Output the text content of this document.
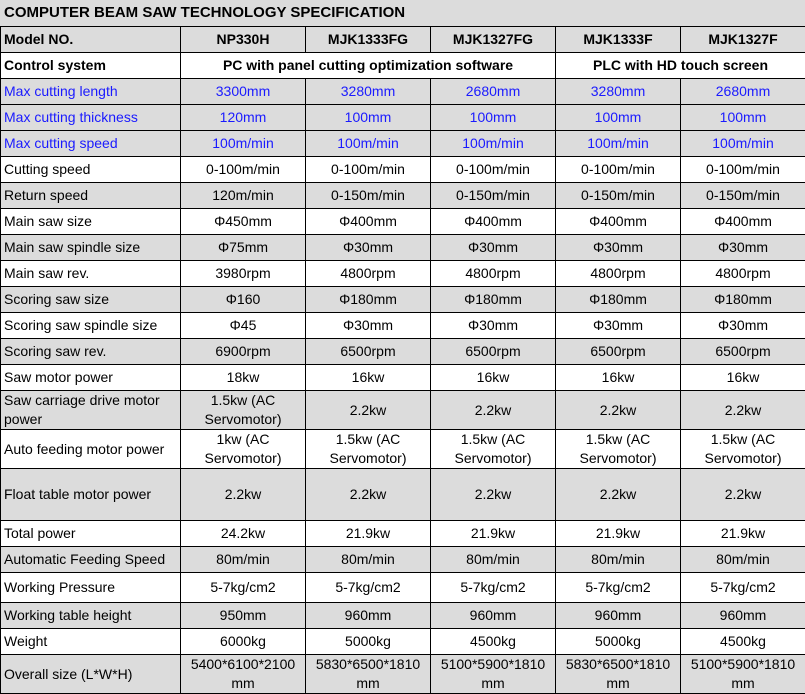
COMPUTER BEAM SAW TECHNOLOGY SPECIFICATION
Model NO.	NP330H	MJK1333FG	MJK1327FG	MJK1333F	MJK1327F
Control system	PC with panel cutting optimization software			PLC with HD touch screen	
Max cutting length	3300mm	3280mm	2680mm	3280mm	2680mm
Max cutting thickness	120mm	100mm	100mm	100mm	100mm
Max cutting speed	100m/min	100m/min	100m/min	100m/min	100m/min
Cutting speed	0-100m/min	0-100m/min	0-100m/min	0-100m/min	0-100m/min
Return speed	120m/min	0-150m/min	0-150m/min	0-150m/min	0-150m/min
Main saw size	Φ450mm	Φ400mm	Φ400mm	Φ400mm	Φ400mm
Main saw spindle size	Φ75mm	Φ30mm	Φ30mm	Φ30mm	Φ30mm
Main saw rev.	3980rpm	4800rpm	4800rpm	4800rpm	4800rpm
Scoring saw size	Φ160	Φ180mm	Φ180mm	Φ180mm	Φ180mm
Scoring saw spindle size	Φ45	Φ30mm	Φ30mm	Φ30mm	Φ30mm
Scoring saw rev.	6900rpm	6500rpm	6500rpm	6500rpm	6500rpm
Saw motor power	18kw	16kw	16kw	16kw	16kw
Saw carriage drive motor power	1.5kw (AC Servomotor)	2.2kw	2.2kw	2.2kw	2.2kw
Auto feeding motor power	1kw (AC Servomotor)	1.5kw (AC Servomotor)	1.5kw (AC Servomotor)	1.5kw (AC Servomotor)	1.5kw (AC Servomotor)
Float table motor power	2.2kw	2.2kw	2.2kw	2.2kw	2.2kw
Total power	24.2kw	21.9kw	21.9kw	21.9kw	21.9kw
Automatic Feeding Speed	80m/min	80m/min	80m/min	80m/min	80m/min
Working Pressure	5-7kg/cm2	5-7kg/cm2	5-7kg/cm2	5-7kg/cm2	5-7kg/cm2
Working table height	950mm	960mm	960mm	960mm	960mm
Weight	6000kg	5000kg	4500kg	5000kg	4500kg
Overall size (L*W*H)	5400*6100*2100 mm	5830*6500*1810 mm	5100*5900*1810 mm	5830*6500*1810 mm	5100*5900*1810 mm
